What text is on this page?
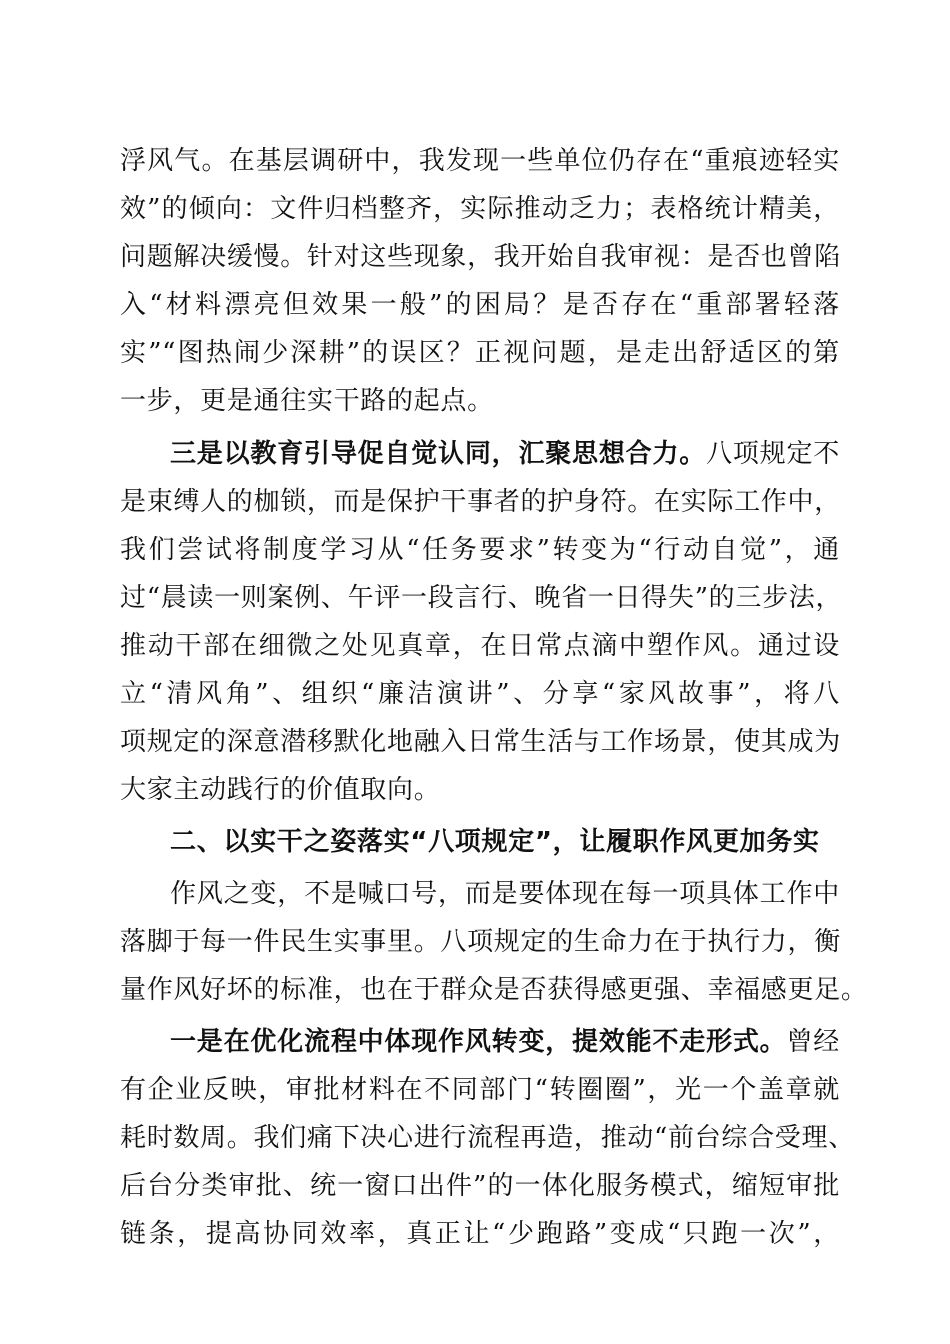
浮风气。在基层调研中，我发现一些单位仍存在“重痕迹轻实
效”的倾向：文件归档整齐，实际推动乏力；表格统计精美，
问题解决缓慢。针对这些现象，我开始自我审视：是否也曾陷
入“材料漂亮但效果一般”的困局？是否存在“重部署轻落
实”“图热闹少深耕”的误区？正视问题，是走出舒适区的第
一步，更是通往实干路的起点。
三是以教育引导促自觉认同，汇聚思想合力。八项规定不
是束缚人的枷锁，而是保护干事者的护身符。在实际工作中，
我们尝试将制度学习从“任务要求”转变为“行动自觉”，通
过“晨读一则案例、午评一段言行、晚省一日得失”的三步法，
推动干部在细微之处见真章，在日常点滴中塑作风。通过设
立“清风角”、组织“廉洁演讲”、分享“家风故事”，将八
项规定的深意潜移默化地融入日常生活与工作场景，使其成为
大家主动践行的价值取向。
二、以实干之姿落实“八项规定”，让履职作风更加务实
作风之变，不是喊口号，而是要体现在每一项具体工作中
落脚于每一件民生实事里。八项规定的生命力在于执行力，衡
量作风好坏的标准，也在于群众是否获得感更强、幸福感更足。
一是在优化流程中体现作风转变，提效能不走形式。曾经
有企业反映，审批材料在不同部门“转圈圈”，光一个盖章就
耗时数周。我们痛下决心进行流程再造，推动“前台综合受理、
后台分类审批、统一窗口出件”的一体化服务模式，缩短审批
链条，提高协同效率，真正让“少跑路”变成“只跑一次”，
